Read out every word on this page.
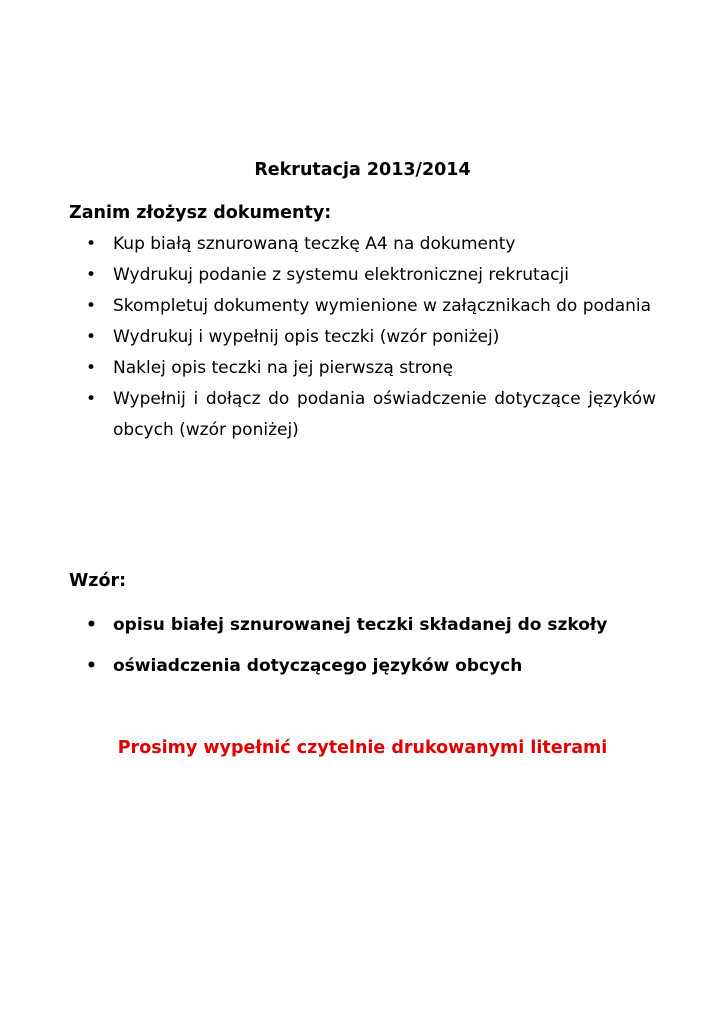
Rekrutacja 2013/2014
Zanim złożysz dokumenty:
• Kup białą sznurowaną teczkę A4 na dokumenty
• Wydrukuj podanie z systemu elektronicznej rekrutacji
• Skompletuj dokumenty wymienione w załącznikach do podania
• Wydrukuj i wypełnij opis teczki (wzór poniżej)
• Naklej opis teczki na jej pierwszą stronę
• Wypełnij i dołącz do podania oświadczenie dotyczące języków obcych (wzór poniżej)
Wzór:
• opisu białej sznurowanej teczki składanej do szkoły
• oświadczenia dotyczącego języków obcych

Prosimy wypełnić czytelnie drukowanymi literami
